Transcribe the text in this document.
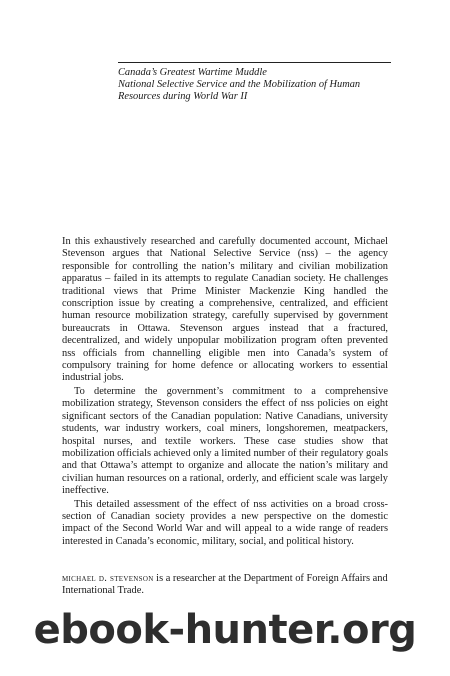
Canada’s Greatest Wartime Muddle
National Selective Service and the Mobilization of Human
Resources during World War II

In this exhaustively researched and carefully documented account, Michael Stevenson argues that National Selective Service (nss) – the agency responsible for controlling the nation’s military and civilian mobilization apparatus – failed in its attempts to regulate Canadian society. He challenges traditional views that Prime Minister Mackenzie King handled the conscription issue by creating a comprehensive, centralized, and efficient human resource mobilization strategy, carefully supervised by government bureaucrats in Ottawa. Stevenson argues instead that a fractured, decentralized, and widely unpopular mobilization program often prevented nss officials from channelling eligible men into Canada’s system of compulsory training for home defence or allocating workers to essential industrial jobs.

To determine the government’s commitment to a comprehensive mobilization strategy, Stevenson considers the effect of nss policies on eight significant sectors of the Canadian population: Native Canadians, university students, war industry workers, coal miners, longshoremen, meatpackers, hospital nurses, and textile workers. These case studies show that mobilization officials achieved only a limited number of their regulatory goals and that Ottawa’s attempt to organize and allocate the nation’s military and civilian human resources on a rational, orderly, and efficient scale was largely ineffective.

This detailed assessment of the effect of nss activities on a broad cross-section of Canadian society provides a new perspective on the domestic impact of the Second World War and will appeal to a wide range of readers interested in Canada’s economic, military, social, and political history.

michael d. stevenson is a researcher at the Department of Foreign Affairs and International Trade.
ebook-hunter.org
